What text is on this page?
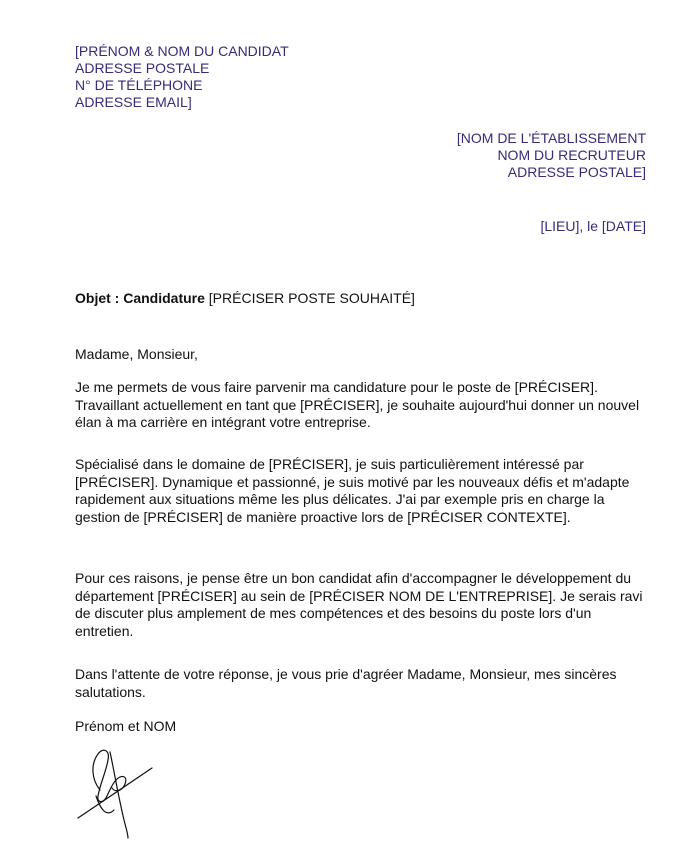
[PRÉNOM & NOM DU CANDIDAT
ADRESSE POSTALE
N° DE TÉLÉPHONE
ADRESSE EMAIL]
[NOM DE L'ÉTABLISSEMENT
NOM DU RECRUTEUR
ADRESSE POSTALE]
[LIEU], le [DATE]
Objet : Candidature [PRÉCISER POSTE SOUHAITÉ]
Madame, Monsieur,
Je me permets de vous faire parvenir ma candidature pour le poste de [PRÉCISER]. Travaillant actuellement en tant que [PRÉCISER], je souhaite aujourd'hui donner un nouvel élan à ma carrière en intégrant votre entreprise.
Spécialisé dans le domaine de [PRÉCISER], je suis particulièrement intéressé par [PRÉCISER]. Dynamique et passionné, je suis motivé par les nouveaux défis et m'adapte rapidement aux situations même les plus délicates. J'ai par exemple pris en charge la gestion de [PRÉCISER] de manière proactive lors de [PRÉCISER CONTEXTE].
Pour ces raisons, je pense être un bon candidat afin d'accompagner le développement du département [PRÉCISER] au sein de [PRÉCISER NOM DE L'ENTREPRISE]. Je serais ravi de discuter plus amplement de mes compétences et des besoins du poste lors d'un entretien.
Dans l'attente de votre réponse, je vous prie d'agréer Madame, Monsieur, mes sincères salutations.
Prénom et NOM
